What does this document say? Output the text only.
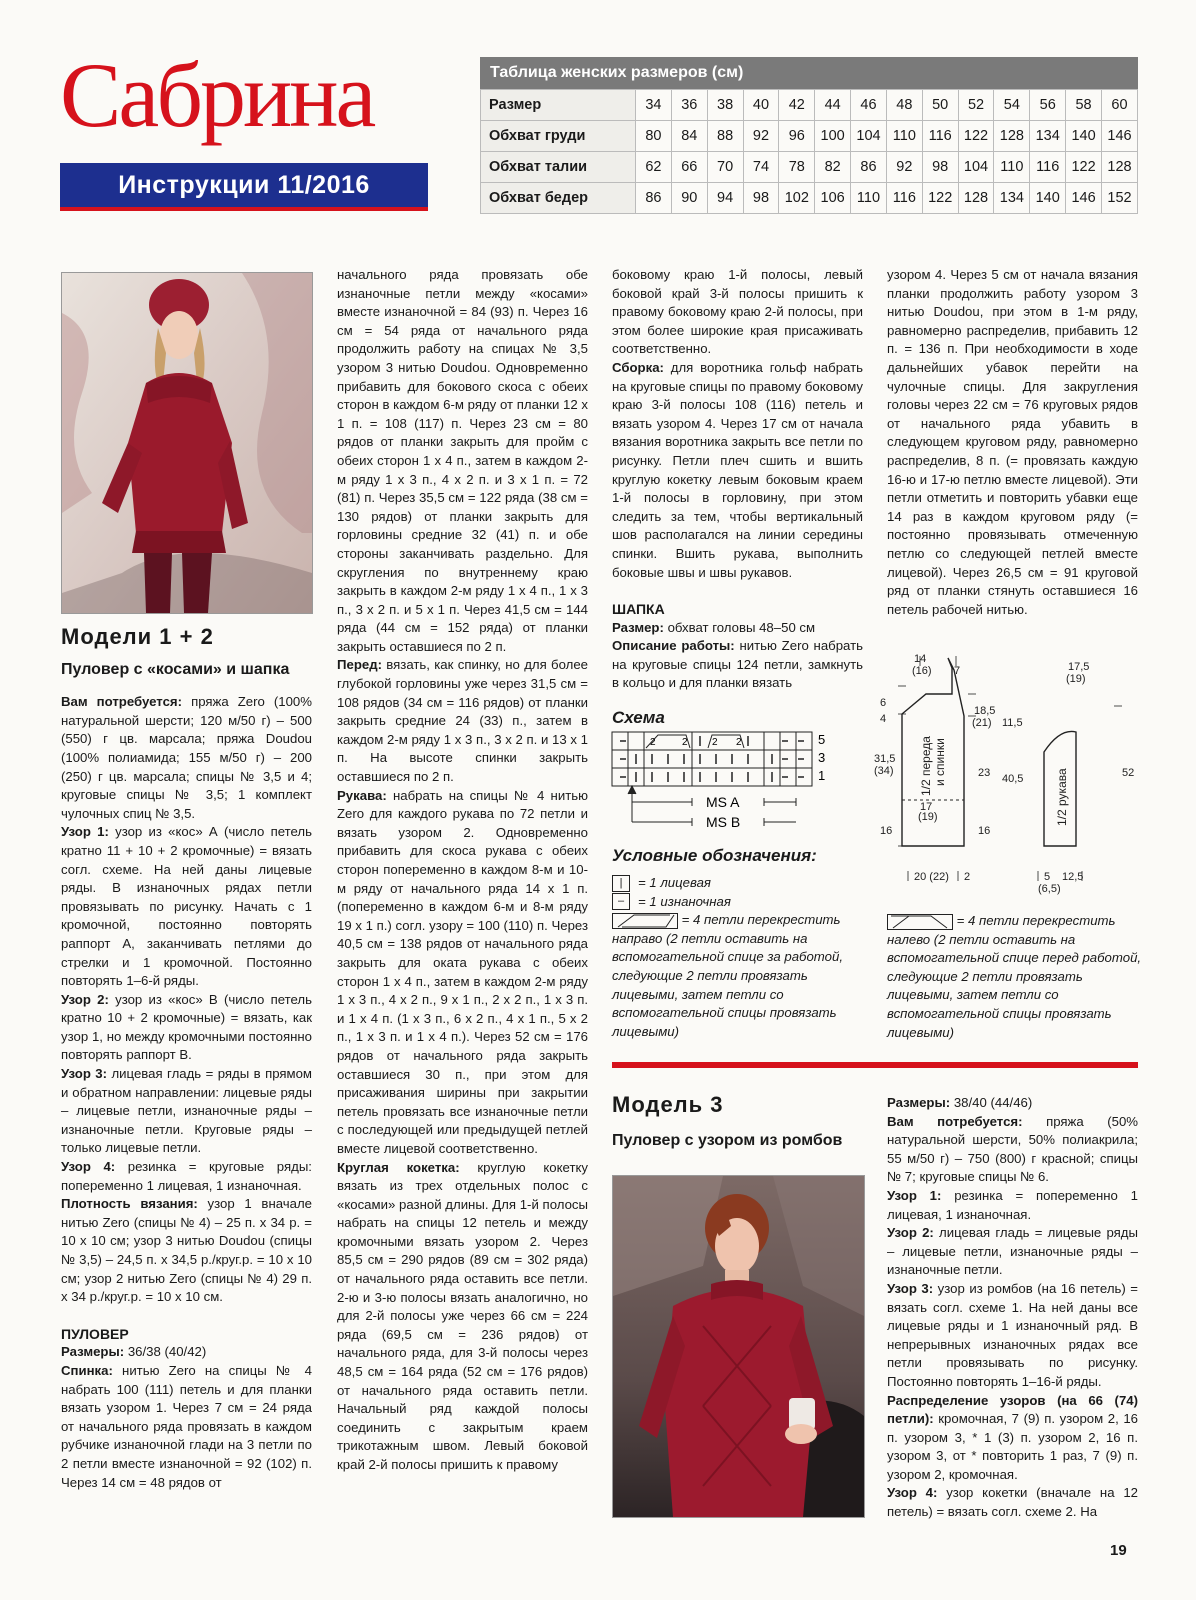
Сабрина
Инструкции 11/2016
Таблица женских размеров (см)
Размер	34	36	38	40	42	44	46	48	50	52	54	56	58	60
Обхват груди	80	84	88	92	96	100	104	110	116	122	128	134	140	146
Обхват талии	62	66	70	74	78	82	86	92	98	104	110	116	122	128
Обхват бедер	86	90	94	98	102	106	110	116	122	128	134	140	146	152
Модели 1 + 2
Пуловер с «косами» и шапка

Вам потребуется: пряжа Zero (100% натуральной шерсти; 120 м/50 г) – 500 (550) г цв. марсала; пряжа Doudou (100% полиамида; 155 м/50 г) – 200 (250) г цв. марсала; спицы № 3,5 и 4; круговые спицы № 3,5; 1 комплект чулочных спиц № 3,5.

Узор 1: узор из «кос» А (число петель кратно 11 + 10 + 2 кромочные) = вязать согл. схеме. На ней даны лицевые ряды. В изнаночных рядах петли провязывать по рисунку. Начать с 1 кромочной, постоянно повторять раппорт А, заканчивать петлями до стрелки и 1 кромочной. Постоянно повторять 1–6-й ряды.

Узор 2: узор из «кос» В (число петель кратно 10 + 2 кромочные) = вязать, как узор 1, но между кромочными постоянно повторять раппорт В.

Узор 3: лицевая гладь = ряды в прямом и обратном направлении: лицевые ряды – лицевые петли, изнаночные ряды – изнаночные петли. Круговые ряды – только лицевые петли.

Узор 4: резинка = круговые ряды: попеременно 1 лицевая, 1 изнаночная.

Плотность вязания: узор 1 вначале нитью Zero (спицы № 4) – 25 п. x 34 р. = 10 x 10 см; узор 3 нитью Doudou (спицы № 3,5) – 24,5 п. x 34,5 р./круг.р. = 10 x 10 см; узор 2 нитью Zero (спицы № 4) 29 п. x 34 р./круг.р. = 10 x 10 см.

ПУЛОВЕР

Размеры: 36/38 (40/42)

Спинка: нитью Zero на спицы № 4 набрать 100 (111) петель и для планки вязать узором 1. Через 7 см = 24 ряда от начального ряда провязать в каждом рубчике изнаночной глади на 3 петли по 2 петли вместе изнаночной = 92 (102) п. Через 14 см = 48 рядов от

начального ряда провязать обе изнаночные петли между «косами» вместе изнаночной = 84 (93) п. Через 16 см = 54 ряда от начального ряда продолжить работу на спицах № 3,5 узором 3 нитью Doudou. Одновременно прибавить для бокового скоса с обеих сторон в каждом 6-м ряду от планки 12 x 1 п. = 108 (117) п. Через 23 см = 80 рядов от планки закрыть для пройм с обеих сторон 1 x 4 п., затем в каждом 2-м ряду 1 x 3 п., 4 x 2 п. и 3 x 1 п. = 72 (81) п. Через 35,5 см = 122 ряда (38 см = 130 рядов) от планки закрыть для горловины средние 32 (41) п. и обе стороны заканчивать раздельно. Для скругления по внутреннему краю закрыть в каждом 2-м ряду 1 x 4 п., 1 x 3 п., 3 x 2 п. и 5 x 1 п. Через 41,5 см = 144 ряда (44 см = 152 ряда) от планки закрыть оставшиеся по 2 п.

Перед: вязать, как спинку, но для более глубокой горловины уже через 31,5 см = 108 рядов (34 см = 116 рядов) от планки закрыть средние 24 (33) п., затем в каждом 2-м ряду 1 x 3 п., 3 x 2 п. и 13 x 1 п. На высоте спинки закрыть оставшиеся по 2 п.

Рукава: набрать на спицы № 4 нитью Zero для каждого рукава по 72 петли и вязать узором 2. Одновременно прибавить для скоса рукава с обеих сторон попеременно в каждом 8-м и 10-м ряду от начального ряда 14 x 1 п. (попеременно в каждом 6-м и 8-м ряду 19 x 1 п.) согл. узору = 100 (110) п. Через 40,5 см = 138 рядов от начального ряда закрыть для оката рукава с обеих сторон 1 x 4 п., затем в каждом 2-м ряду 1 x 3 п., 4 x 2 п., 9 x 1 п., 2 x 2 п., 1 x 3 п. и 1 x 4 п. (1 x 3 п., 6 x 2 п., 4 x 1 п., 5 x 2 п., 1 x 3 п. и 1 x 4 п.). Через 52 см = 176 рядов от начального ряда закрыть оставшиеся 30 п., при этом для присаживания ширины при закрытии петель провязать все изнаночные петли с последующей или предыдущей петлей вместе лицевой соответственно.

Круглая кокетка: круглую кокетку вязать из трех отдельных полос с «косами» разной длины. Для 1-й полосы набрать на спицы 12 петель и между кромочными вязать узором 2. Через 85,5 см = 290 рядов (89 см = 302 ряда) от начального ряда оставить все петли. 2-ю и 3-ю полосы вязать аналогично, но для 2-й полосы уже через 66 см = 224 ряда (69,5 см = 236 рядов) от начального ряда, для 3-й полосы через 48,5 см = 164 ряда (52 см = 176 рядов) от начального ряда оставить петли. Начальный ряд каждой полосы соединить с закрытым краем трикотажным швом. Левый боковой край 2-й полосы пришить к правому

боковому краю 1-й полосы, левый боковой край 3-й полосы пришить к правому боковому краю 2-й полосы, при этом более широкие края присаживать соответственно.

Сборка: для воротника гольф набрать на круговые спицы по правому боковому краю 3-й полосы 108 (116) петель и вязать узором 4. Через 17 см от начала вязания воротника закрыть все петли по рисунку. Петли плеч сшить и вшить круглую кокетку левым боковым краем 1-й полосы в горловину, при этом следить за тем, чтобы вертикальный шов располагался на линии середины спинки. Вшить рукава, выполнить боковые швы и швы рукавов.

ШАПКА

Размер: обхват головы 48–50 см

Описание работы: нитью Zero набрать на круговые спицы 124 петли, замкнуть в кольцо и для планки вязать

Схема
2	2 2 2	5
3
1
MS A
MS B
Условные обозначения:
|	= 1 лицевая
–	= 1 изнаночная
= 4 петли перекрестить направо (2 петли оставить на вспомогательной спице за работой, следующие 2 петли провязать лицевыми, затем петли со вспомогательной спицы провязать лицевыми)

узором 4. Через 5 см от начала вязания планки продолжить работу узором 3 нитью Doudou, при этом в 1-м ряду, равномерно распределив, прибавить 12 п. = 136 п. При необходимости в ходе дальнейших убавок перейти на чулочные спицы. Для закругления головы через 22 см = 76 круговых рядов от начального ряда убавить в следующем круговом ряду, равномерно распределив, 8 п. (= провязать каждую 16-ю и 17-ю петлю вместе лицевой). Эти петли отметить и повторить убавки еще 14 раз в каждом круговом ряду (= постоянно провязывать отмеченную петлю со следующей петлей вместе лицевой). Через 26,5 см = 91 круговой ряд от планки стянуть оставшиеся 16 петель рабочей нитью.

14
(16) 7
6
4
18,5
(21) 11,5
31,5
(34)	23
17
(19)
16	16
20 (22) 2
17,5
(19)
40,5	52
5
(6,5)
12,5
1/2 переда и спинки
1/2 рукава
= 4 петли перекрестить налево (2 петли оставить на вспомогательной спице перед работой, следующие 2 петли провязать лицевыми, затем петли со вспомогательной спицы провязать лицевыми)
Модель 3
Пуловер с узором из ромбов

Размеры: 38/40 (44/46)

Вам потребуется: пряжа (50% натуральной шерсти, 50% полиакрила; 55 м/50 г) – 750 (800) г красной; спицы № 7; круговые спицы № 6.

Узор 1: резинка = попеременно 1 лицевая, 1 изнаночная.

Узор 2: лицевая гладь = лицевые ряды – лицевые петли, изнаночные ряды – изнаночные петли.

Узор 3: узор из ромбов (на 16 петель) = вязать согл. схеме 1. На ней даны все лицевые ряды и 1 изнаночный ряд. В непрерывных изнаночных рядах все петли провязывать по рисунку. Постоянно повторять 1–16-й ряды.

Распределение узоров (на 66 (74) петли): кромочная, 7 (9) п. узором 2, 16 п. узором 3, * 1 (3) п. узором 2, 16 п. узором 3, от * повторить 1 раз, 7 (9) п. узором 2, кромочная.

Узор 4: узор кокетки (вначале на 12 петель) = вязать согл. схеме 2. На

19
